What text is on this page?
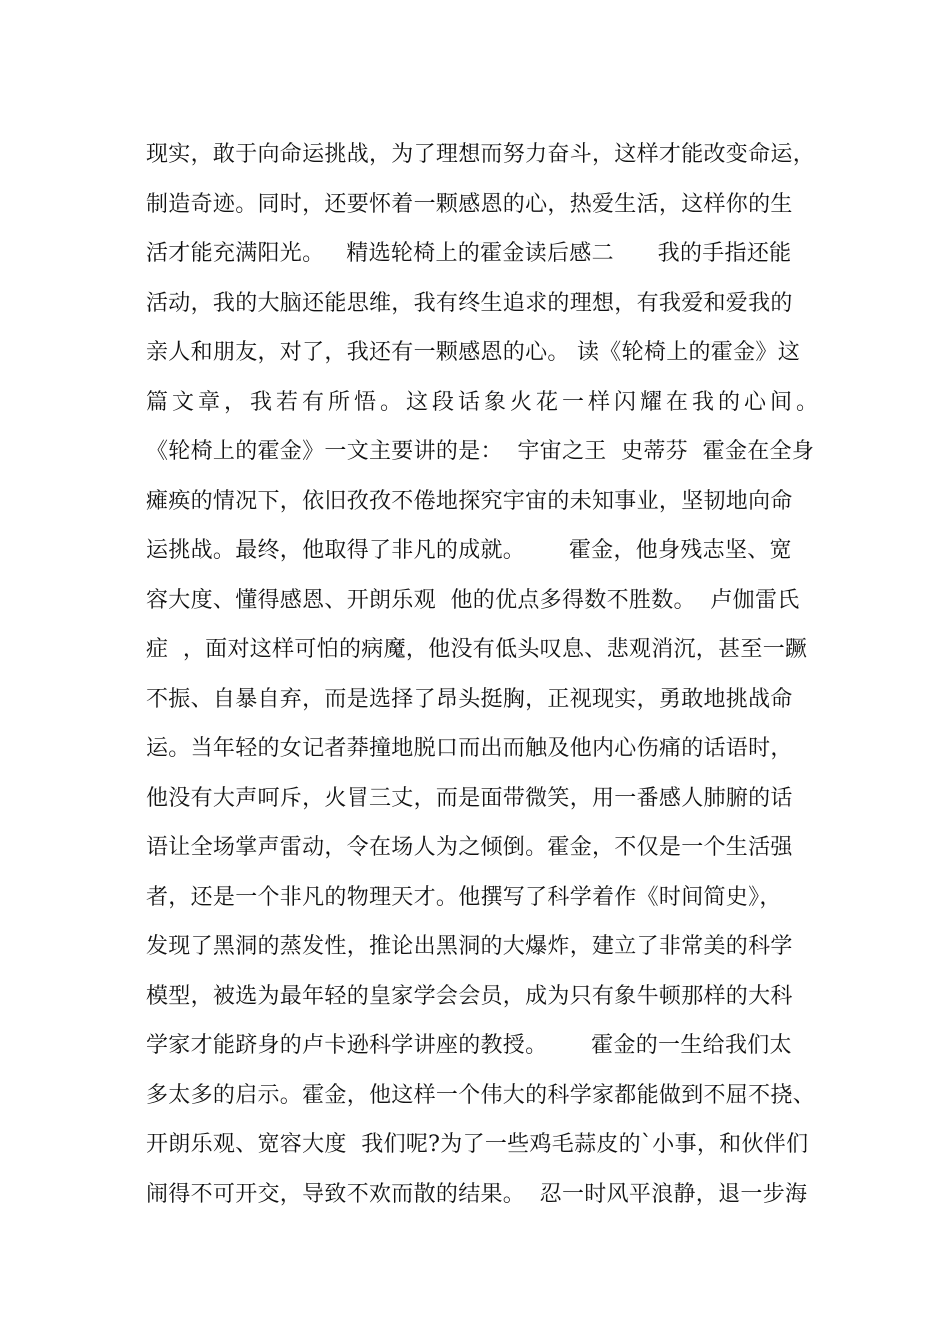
现实，敢于向命运挑战，为了理想而努力奋斗，这样才能改变命运，
制造奇迹。同时，还要怀着一颗感恩的心，热爱生活，这样你的生
活才能充满阳光。   精选轮椅上的霍金读后感二      我的手指还能
活动，我的大脑还能思维，我有终生追求的理想，有我爱和爱我的
亲人和朋友，对了，我还有一颗感恩的心。 读《轮椅上的霍金》这
篇文章，我若有所悟。这段话象火花一样闪耀在我的心间。
《轮椅上的霍金》一文主要讲的是：  宇宙之王  史蒂芬  霍金在全身
瘫痪的情况下，依旧孜孜不倦地探究宇宙的未知事业，坚韧地向命
运挑战。最终，他取得了非凡的成就。      霍金，他身残志坚、宽
容大度、懂得感恩、开朗乐观  他的优点多得数不胜数。  卢伽雷氏
症  ，面对这样可怕的病魔，他没有低头叹息、悲观消沉，甚至一蹶
不振、自暴自弃，而是选择了昂头挺胸，正视现实，勇敢地挑战命
运。当年轻的女记者莽撞地脱口而出而触及他内心伤痛的话语时，
他没有大声呵斥，火冒三丈，而是面带微笑，用一番感人肺腑的话
语让全场掌声雷动，令在场人为之倾倒。霍金，不仅是一个生活强
者，还是一个非凡的物理天才。他撰写了科学着作《时间简史》，
发现了黑洞的蒸发性，推论出黑洞的大爆炸，建立了非常美的科学
模型，被选为最年轻的皇家学会会员，成为只有象牛顿那样的大科
学家才能跻身的卢卡逊科学讲座的教授。      霍金的一生给我们太
多太多的启示。霍金，他这样一个伟大的科学家都能做到不屈不挠、
开朗乐观、宽容大度  我们呢?为了一些鸡毛蒜皮的`小事，和伙伴们
闹得不可开交，导致不欢而散的结果。  忍一时风平浪静，退一步海
